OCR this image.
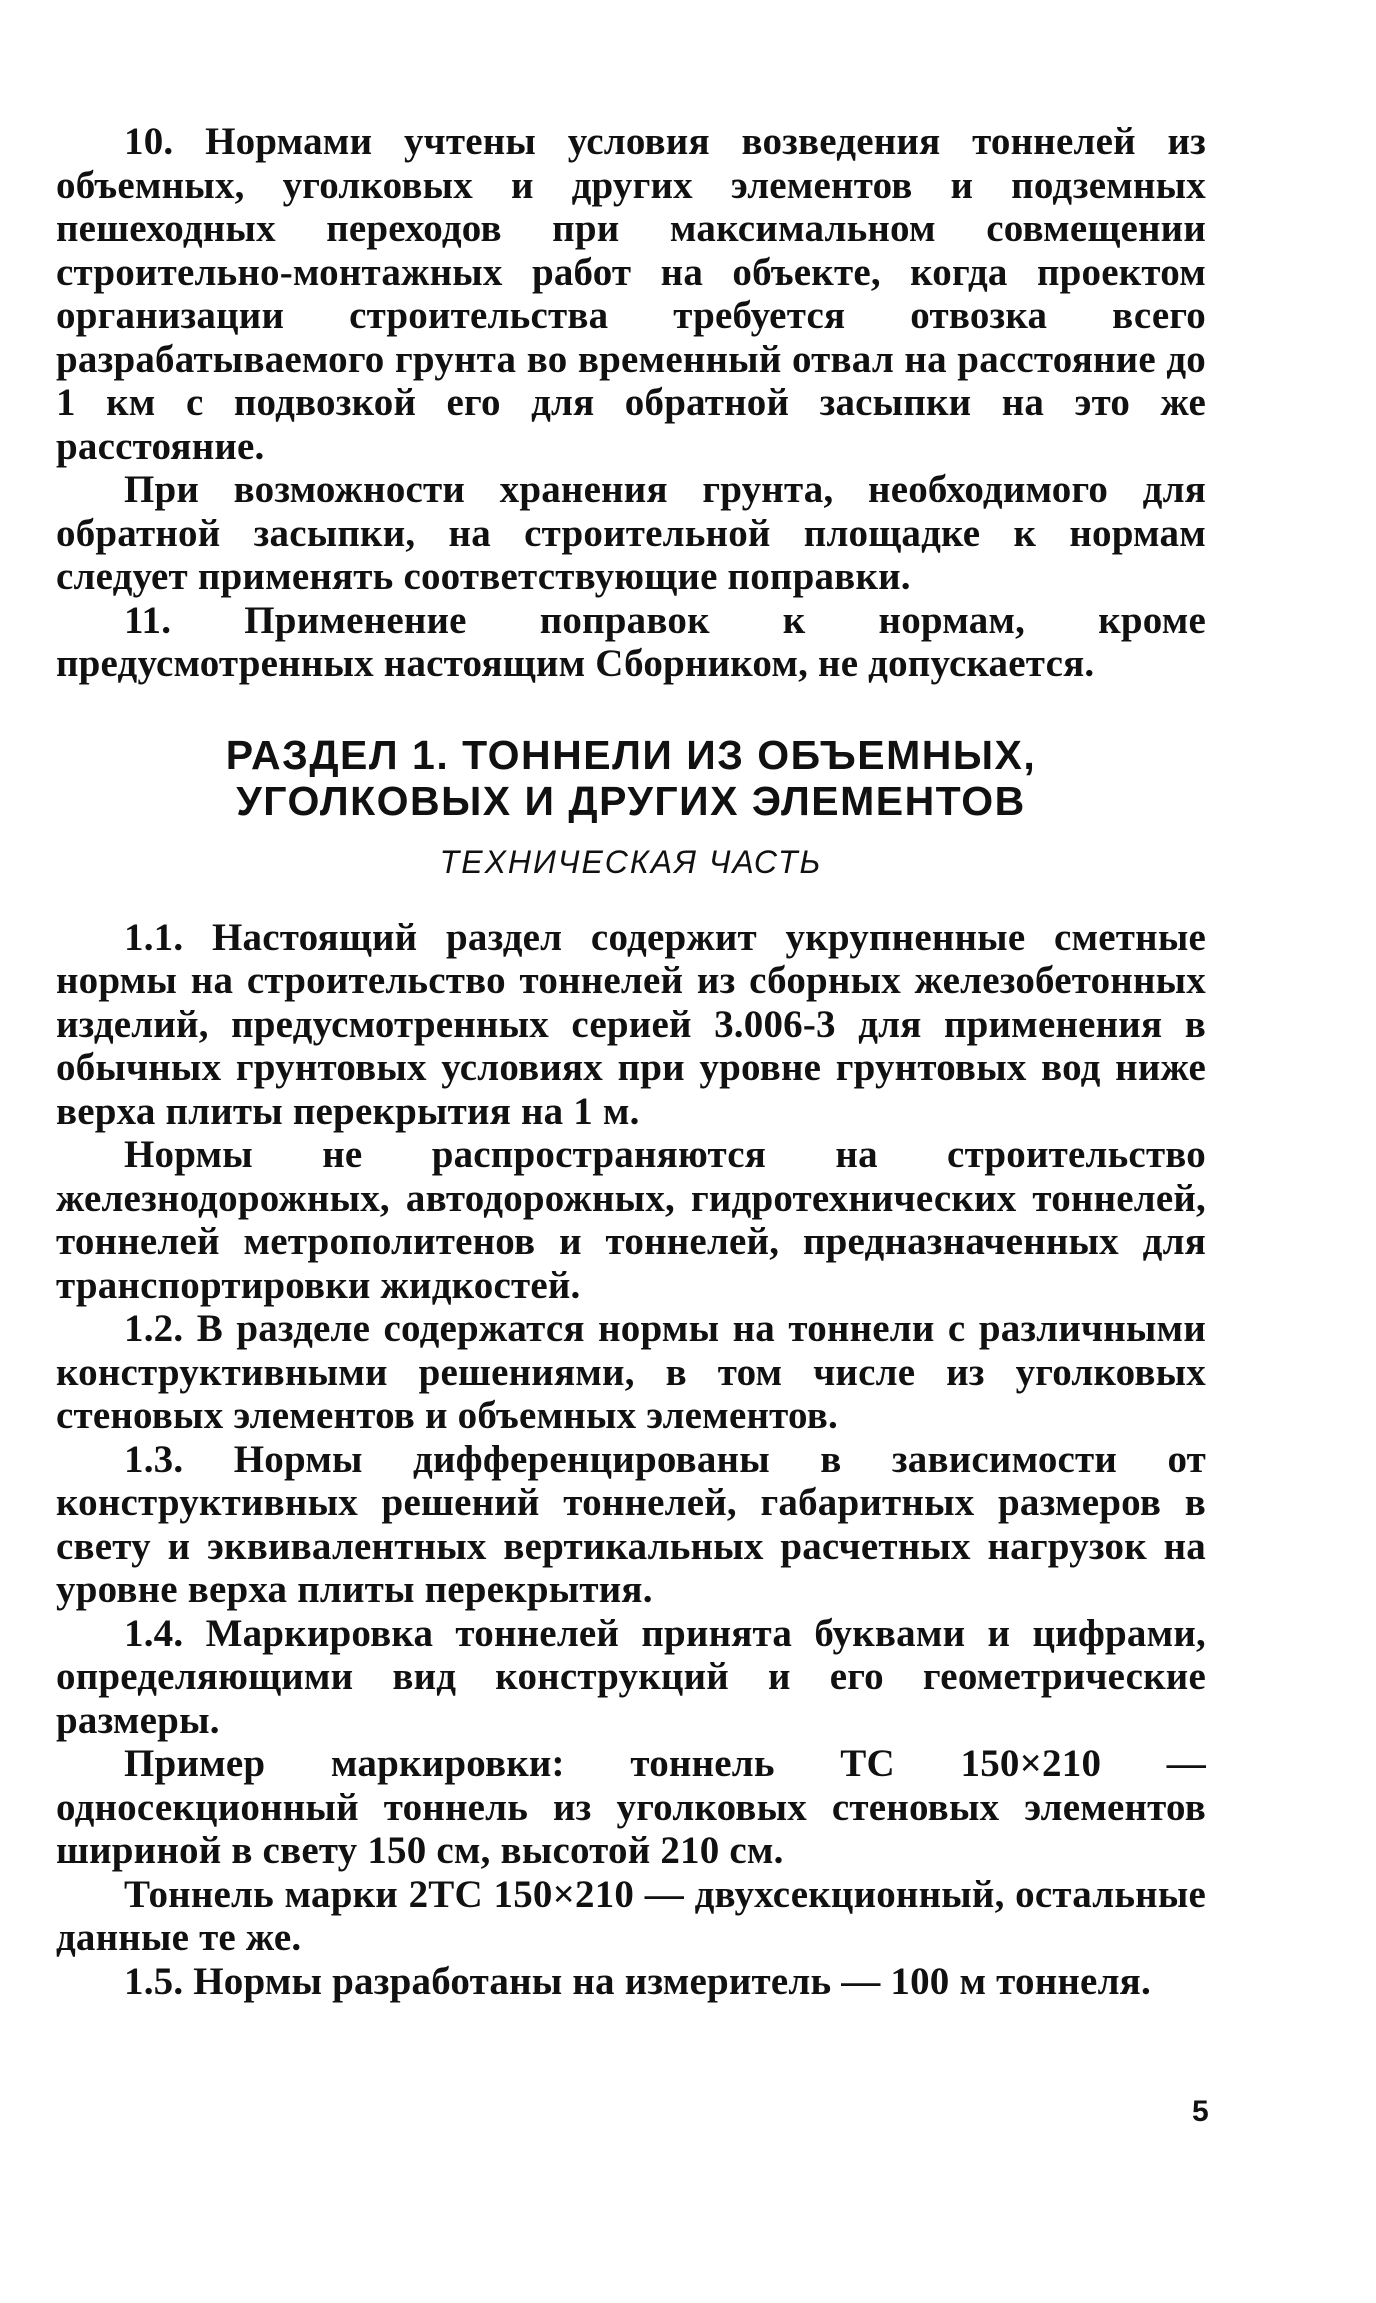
10. Нормами учтены условия возведения тоннелей из объемных, уголковых и других элементов и подземных пешеходных переходов при максимальном совмещении строительно-монтажных работ на объекте, когда проектом организации строительства требуется отвозка всего разрабатываемого грунта во временный отвал на расстояние до 1 км с подвозкой его для обратной засыпки на это же расстояние.

При возможности хранения грунта, необходимого для обратной засыпки, на строительной площадке к нормам следует применять соответствующие поправки.

11. Применение поправок к нормам, кроме предусмотренных настоящим Сборником, не допускается.

РАЗДЕЛ 1. ТОННЕЛИ ИЗ ОБЪЕМНЫХ,
УГОЛКОВЫХ И ДРУГИХ ЭЛЕМЕНТОВ
ТЕХНИЧЕСКАЯ ЧАСТЬ

1.1. Настоящий раздел содержит укрупненные сметные нормы на строительство тоннелей из сборных железобетонных изделий, предусмотренных серией 3.006-3 для применения в обычных грунтовых условиях при уровне грунтовых вод ниже верха плиты перекрытия на 1 м.

Нормы не распространяются на строительство железнодорожных, автодорожных, гидротехнических тоннелей, тоннелей метрополитенов и тоннелей, предназначенных для транспортировки жидкостей.

1.2. В разделе содержатся нормы на тоннели с различными конструктивными решениями, в том числе из уголковых стеновых элементов и объемных элементов.

1.3. Нормы дифференцированы в зависимости от конструктивных решений тоннелей, габаритных размеров в свету и эквивалентных вертикальных расчетных нагрузок на уровне верха плиты перекрытия.

1.4. Маркировка тоннелей принята буквами и цифрами, определяющими вид конструкций и его геометрические размеры.

Пример маркировки: тоннель ТС 150×210 — односекционный тоннель из уголковых стеновых элементов шириной в свету 150 см, высотой 210 см.

Тоннель марки 2ТС 150×210 — двухсекционный, остальные данные те же.

1.5. Нормы разработаны на измеритель — 100 м тоннеля.

5
